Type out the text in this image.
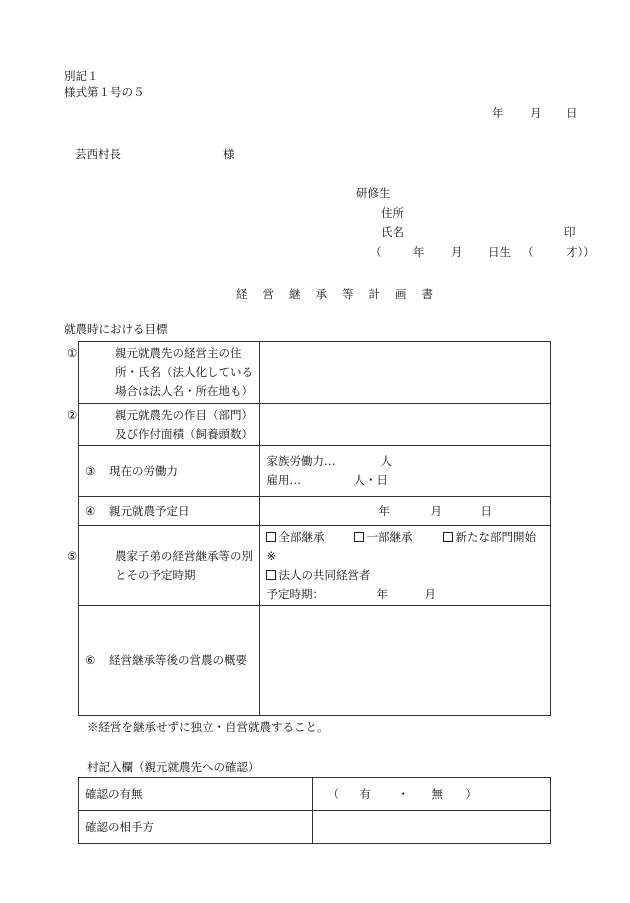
別記１
様式第１号の５
年 月 日
芸西村長	様
研修生
住所
氏名	印
（	年 月 日生 （	才））
経 営 継 承 等 計 画 書
就農時における目標
① 親元就農先の経営主の住所・氏名（法人化している場合は法人名・所在地も）	

② 親元就農先の作目（部門）及び作付面積（飼養頭数）	

③ 現在の労働力	家族労働力… 人
雇用… 人・日

④ 親元就農予定日	年 月 日

⑤ 農家子弟の経営継承等の別とその予定時期	全部継承 一部継承 新たな部門開始
※
法人の共同経営者
予定時期： 年 月

⑥ 経営継承等後の営農の概要	
※経営を継承せずに独立・自営就農すること。
村記入欄（親元就農先への確認）
確認の有無	（ 有 ・ 無 ）
確認の相手方	
